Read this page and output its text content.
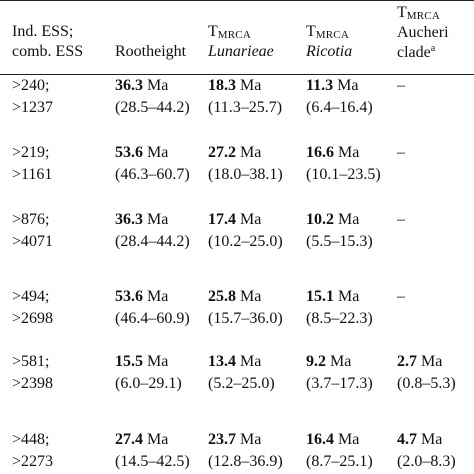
Ind. ESS;
comb. ESS Rootheight
TMRCA
Lunarieae
TMRCA
Ricotia
TMRCA
Aucheri
clade$^a$
>240;
>1237
36.3 Ma
(28.5–44.2)
18.3 Ma
(11.3–25.7)
11.3 Ma
(6.4–16.4)
–
>219;
>1161
53.6 Ma
(46.3–60.7)
27.2 Ma
(18.0–38.1)
16.6 Ma
(10.1–23.5)
–
>876;
>4071
36.3 Ma
(28.4–44.2)
17.4 Ma
(10.2–25.0)
10.2 Ma
(5.5–15.3)
–
>494;
>2698
53.6 Ma
(46.4–60.9)
25.8 Ma
(15.7–36.0)
15.1 Ma
(8.5–22.3)
–
>581;
>2398
15.5 Ma
(6.0–29.1)
13.4 Ma
(5.2–25.0)
9.2 Ma
(3.7–17.3)
2.7 Ma
(0.8–5.3)
>448;
>2273
27.4 Ma
(14.5–42.5)
23.7 Ma
(12.8–36.9)
16.4 Ma
(8.7–25.1)
4.7 Ma
(2.0–8.3)
